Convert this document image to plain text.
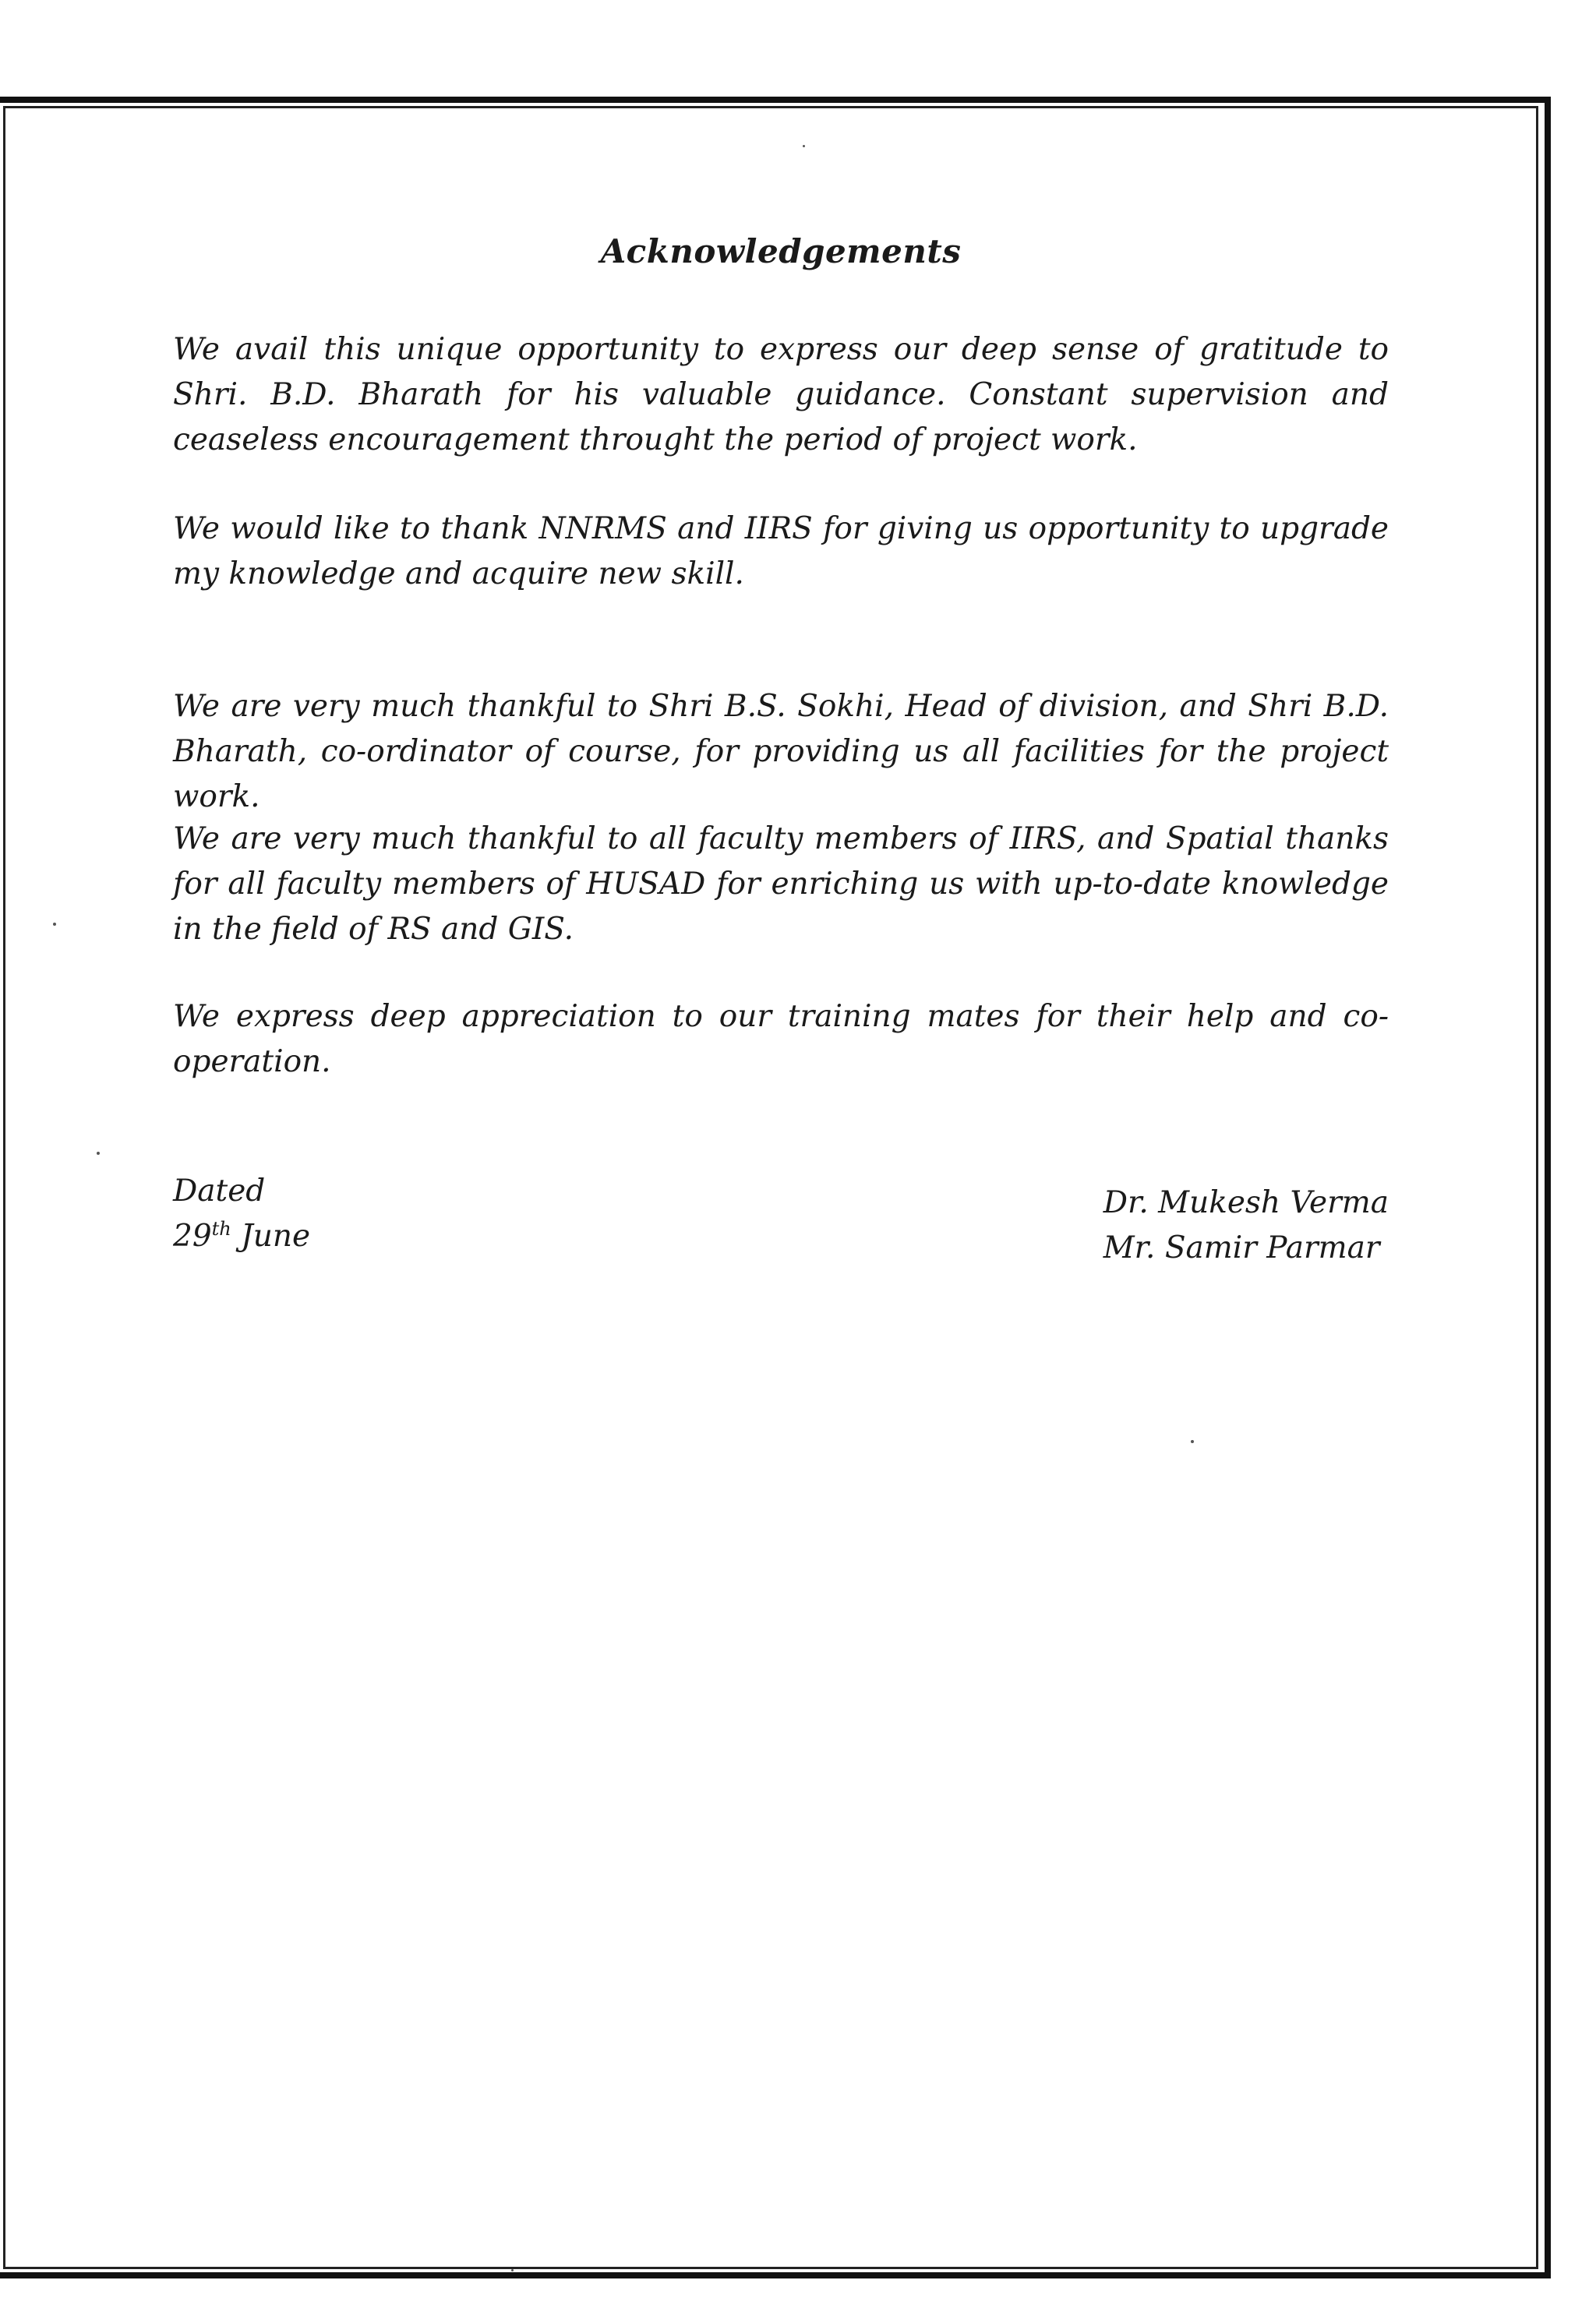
Acknowledgements

We avail this unique opportunity to express our deep sense of gratitude to Shri. B.D. Bharath for his valuable guidance. Constant supervision and ceaseless encouragement throught the period of project work.

We would like to thank NNRMS and IIRS for giving us opportunity to upgrade my knowledge and acquire new skill.

We are very much thankful to Shri B.S. Sokhi, Head of division, and Shri B.D. Bharath, co-ordinator of course, for providing us all facilities for the project work.

We are very much thankful to all faculty members of IIRS, and Spatial thanks for all faculty members of HUSAD for enriching us with up-to-date knowledge in the field of RS and GIS.

We express deep appreciation to our training mates for their help and co-operation.

Dated
29th June
Dr. Mukesh Verma
Mr. Samir Parmar
